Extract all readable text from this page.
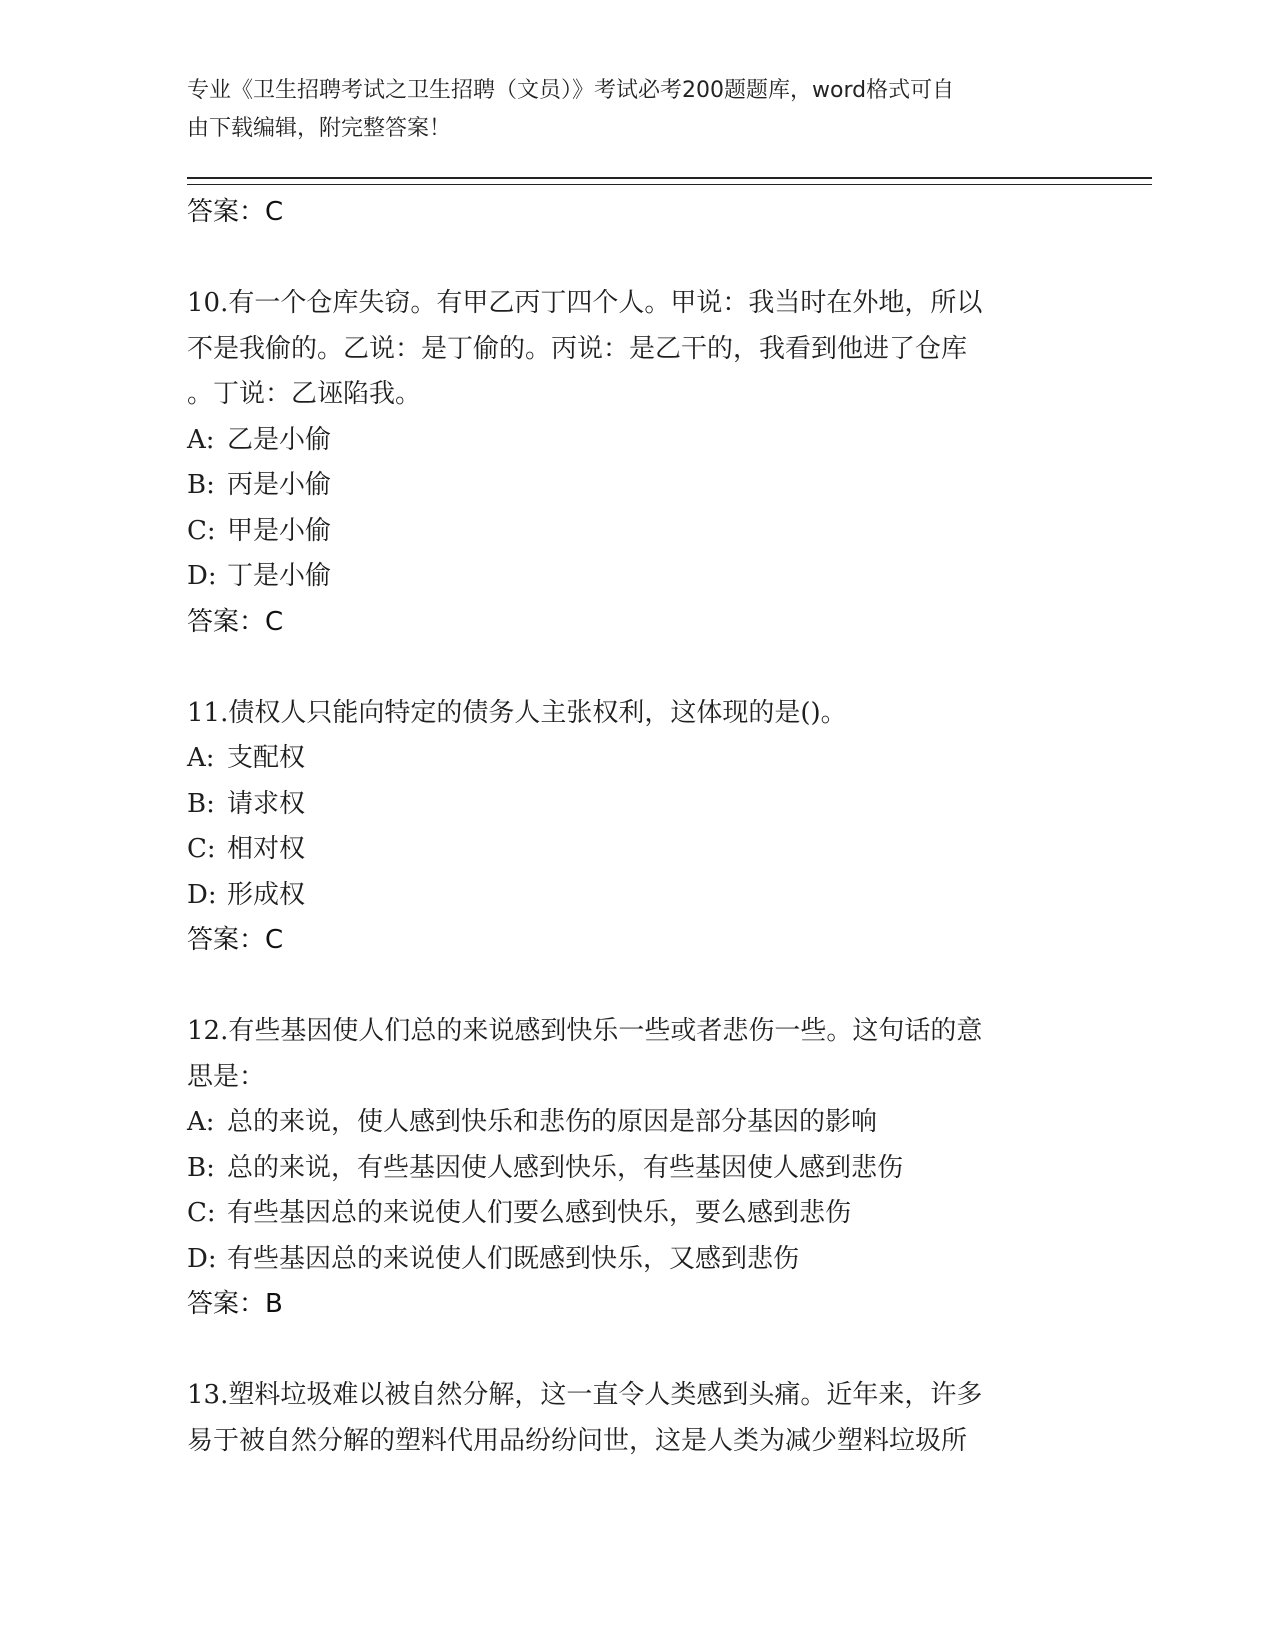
专业《卫生招聘考试之卫生招聘（文员）》考试必考200题题库，word格式可自
由下载编辑，附完整答案！
答案：C
10.有一个仓库失窃。有甲乙丙丁四个人。甲说：我当时在外地，所以
不是我偷的。乙说：是丁偷的。丙说：是乙干的，我看到他进了仓库
。丁说：乙诬陷我。
A: 乙是小偷
B: 丙是小偷
C: 甲是小偷
D: 丁是小偷
答案：C
11.债权人只能向特定的债务人主张权利，这体现的是()。
A: 支配权
B: 请求权
C: 相对权
D: 形成权
答案：C
12.有些基因使人们总的来说感到快乐一些或者悲伤一些。这句话的意
思是：
A: 总的来说，使人感到快乐和悲伤的原因是部分基因的影响
B: 总的来说，有些基因使人感到快乐，有些基因使人感到悲伤
C: 有些基因总的来说使人们要么感到快乐，要么感到悲伤
D: 有些基因总的来说使人们既感到快乐，又感到悲伤
答案：B
13.塑料垃圾难以被自然分解，这一直令人类感到头痛。近年来，许多
易于被自然分解的塑料代用品纷纷问世，这是人类为减少塑料垃圾所
